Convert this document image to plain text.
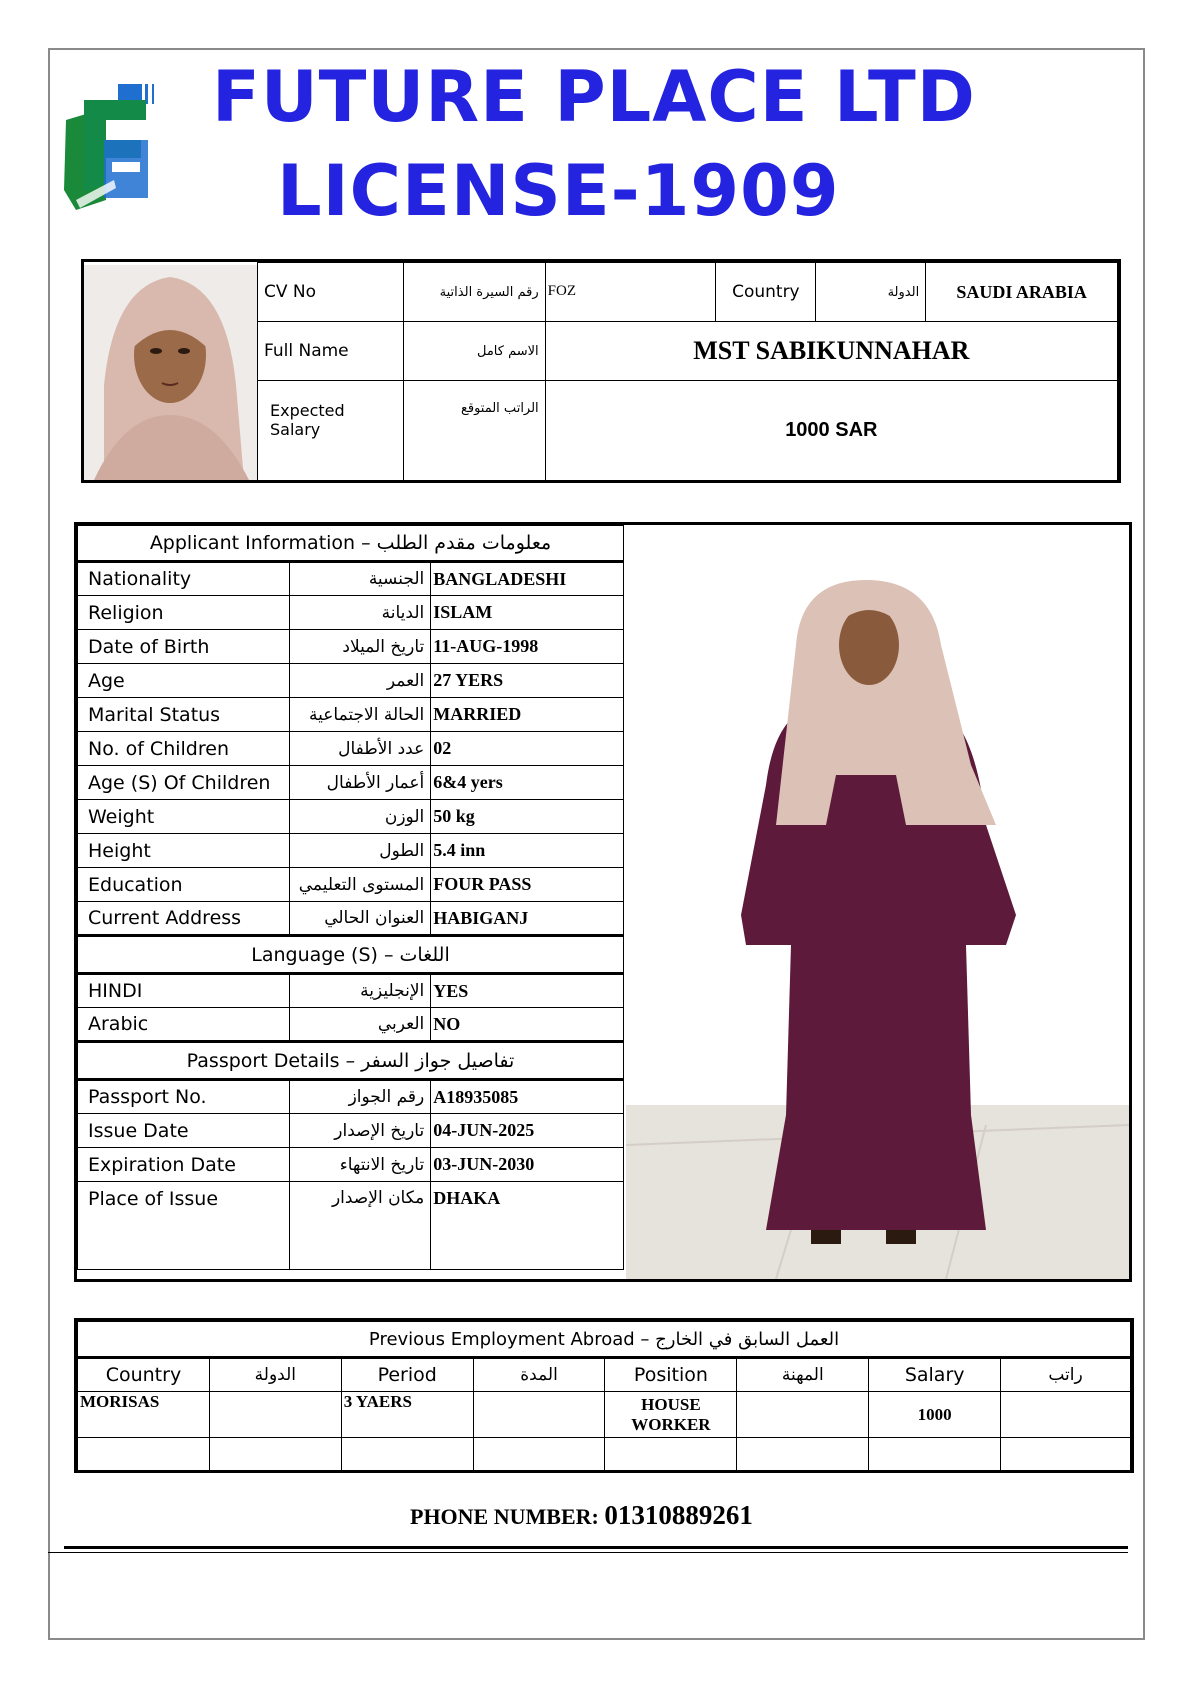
FUTURE PLACE LTD
LICENSE-1909
CV No	رقم السيرة الذاتية	FOZ	Country	الدولة	SAUDI ARABIA
Full Name	الاسم كامل	MST SABIKUNNAHAR			
Expected Salary	الراتب المتوقع	1000 SAR			
Applicant Information – معلومات مقدم الطلب		
Nationality	الجنسية	BANGLADESHI
Religion	الديانة	ISLAM
Date of Birth	تاريخ الميلاد	11-AUG-1998
Age	العمر	27 YERS
Marital Status	الحالة الاجتماعية	MARRIED
No. of Children	عدد الأطفال	02
Age (S) Of Children	أعمار الأطفال	6&4 yers
Weight	الوزن	50 kg
Height	الطول	5.4 inn
Education	المستوى التعليمي	FOUR PASS
Current Address	العنوان الحالي	HABIGANJ
Language (S) – اللغات		
HINDI	الإنجليزية	YES
Arabic	العربي	NO
Passport Details – تفاصيل جواز السفر		
Passport No.	رقم الجواز	A18935085
Issue Date	تاريخ الإصدار	04-JUN-2025
Expiration Date	تاريخ الانتهاء	03-JUN-2030
Place of Issue	مكان الإصدار	DHAKA
Previous Employment Abroad – العمل السابق في الخارج							
Country	الدولة	Period	المدة	Position	المهنة	Salary	راتب
MORISAS		3 YAERS		HOUSE WORKER		1000	

PHONE NUMBER: 01310889261
